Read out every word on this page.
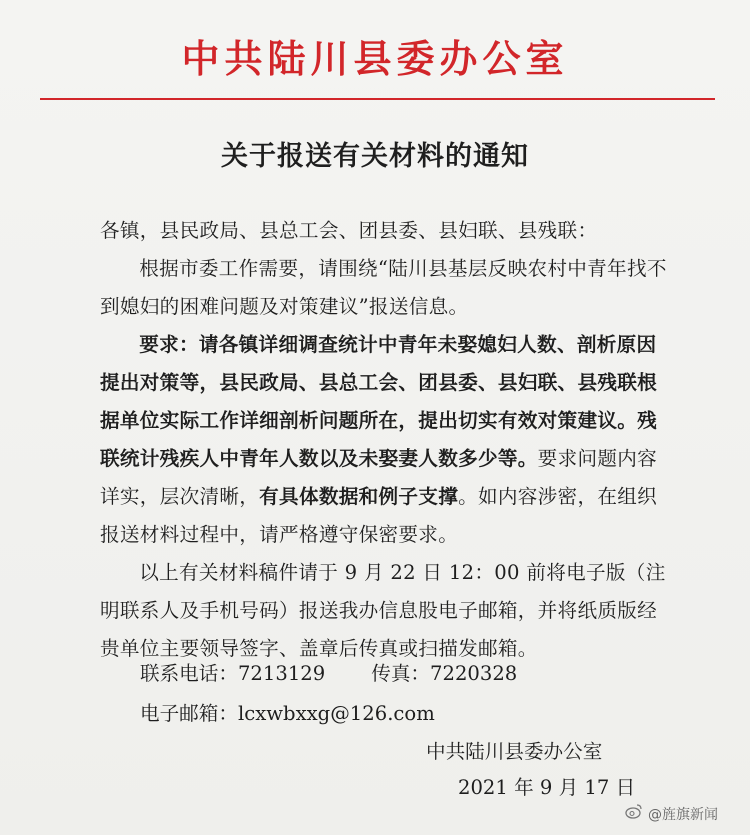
中共陆川县委办公室
关于报送有关材料的通知

各镇，县民政局、县总工会、团县委、县妇联、县残联：

根据市委工作需要，请围绕“陆川县基层反映农村中青年找不到媳妇的困难问题及对策建议”报送信息。

要求：请各镇详细调查统计中青年未娶媳妇人数、剖析原因提出对策等，县民政局、县总工会、团县委、县妇联、县残联根据单位实际工作详细剖析问题所在，提出切实有效对策建议。残联统计残疾人中青年人数以及未娶妻人数多少等。要求问题内容详实，层次清晰，有具体数据和例子支撑。如内容涉密，在组织报送材料过程中，请严格遵守保密要求。

以上有关材料稿件请于 9 月 22 日 12：00 前将电子版（注明联系人及手机号码）报送我办信息股电子邮箱，并将纸质版经贵单位主要领导签字、盖章后传真或扫描发邮箱。

联系电话：7213129 传真：7220328
电子邮箱：lcxwbxxg@126.com
中共陆川县委办公室
2021 年 9 月 17 日
@旌旗新闻
